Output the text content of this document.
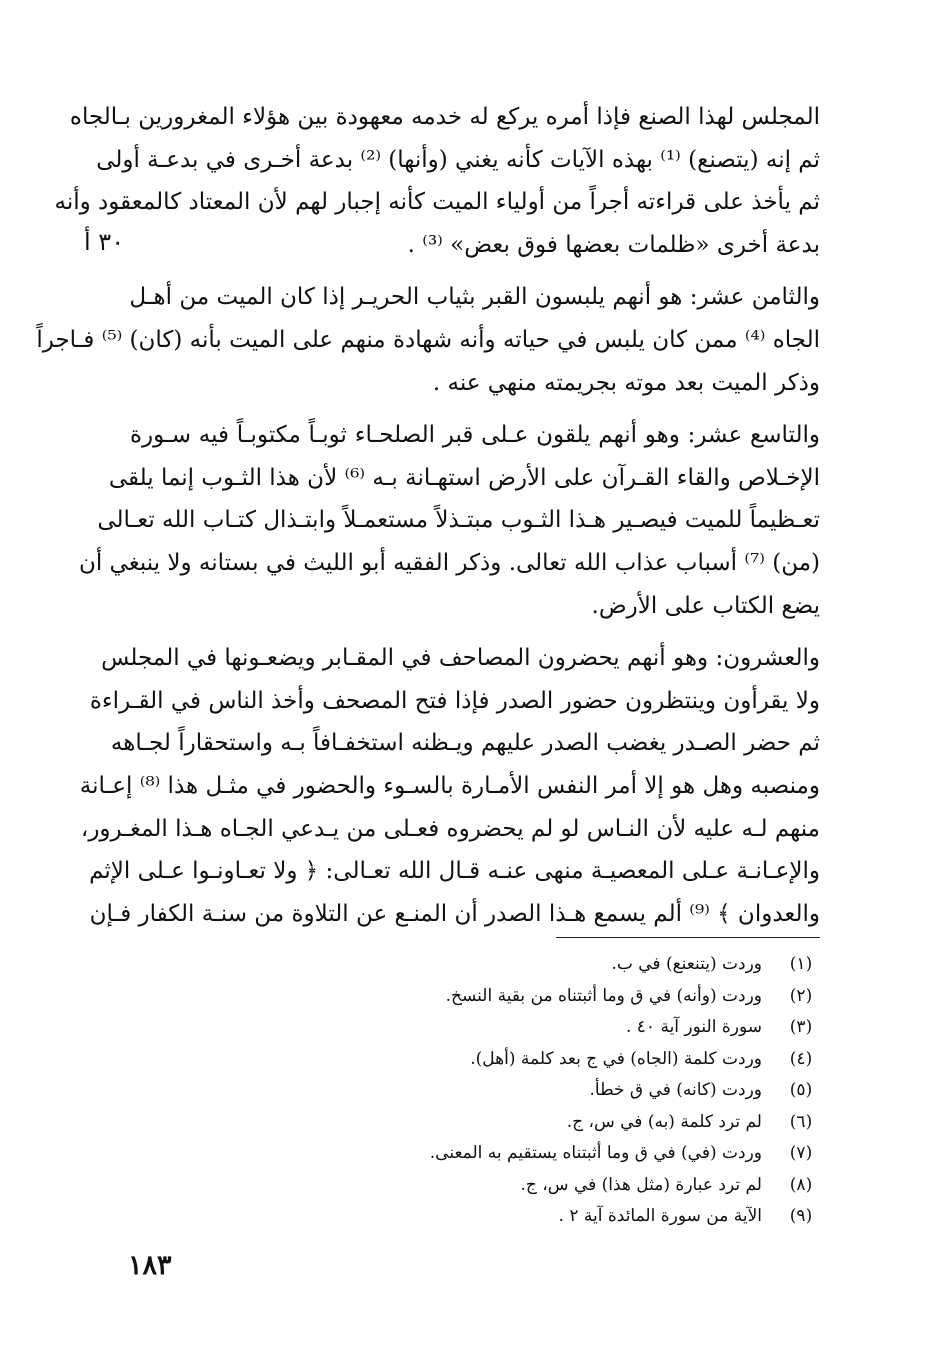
٣٠ أ
المجلس لهذا الصنع فإذا أمره يركع له خدمه معهودة بين هؤلاء المغرورين بـالجاه
ثم إنه (يتصنع) ⁽¹⁾ بهذه الآيات كأنه يغني (وأنها) ⁽²⁾ بدعة أخـرى في بدعـة أولى
ثم يأخذ على قراءته أجراً من أولياء الميت كأنه إجبار لهم لأن المعتاد كالمعقود وأنه
بدعة أخرى «ظلمات بعضها فوق بعض» ⁽³⁾ .
والثامن عشر: هو أنهم يلبسون القبر بثياب الحريـر إذا كان الميت من أهـل
الجاه ⁽⁴⁾ ممن كان يلبس في حياته وأنه شهادة منهم على الميت بأنه (كان) ⁽⁵⁾ فـاجراً
وذكر الميت بعد موته بجريمته منهي عنه .
والتاسع عشر: وهو أنهم يلقون عـلى قبر الصلحـاء ثوبـاً مكتوبـاً فيه سـورة
الإخـلاص والقاء القـرآن على الأرض استهـانة بـه ⁽⁶⁾ لأن هذا الثـوب إنما يلقى
تعـظيماً للميت فيصـير هـذا الثـوب مبتـذلاً مستعمـلاً وابتـذال كتـاب الله تعـالى
(من) ⁽⁷⁾ أسباب عذاب الله تعالى. وذكر الفقيه أبو الليث في بستانه ولا ينبغي أن
يضع الكتاب على الأرض.
والعشرون: وهو أنهم يحضرون المصاحف في المقـابر ويضعـونها في المجلس
ولا يقرأون وينتظرون حضور الصدر فإذا فتح المصحف وأخذ الناس في القـراءة
ثم حضر الصـدر يغضب الصدر عليهم ويـظنه استخفـافاً بـه واستحقاراً لجـاهه
ومنصبه وهل هو إلا أمر النفس الأمـارة بالسـوء والحضور في مثـل هذا ⁽⁸⁾ إعـانة
منهم لـه عليه لأن النـاس لو لم يحضروه فعـلى من يـدعي الجـاه هـذا المغـرور،
والإعـانـة عـلى المعصيـة منهى عنـه قـال الله تعـالى: ﴿ ولا تعـاونـوا عـلى الإثم
والعدوان ﴾ ⁽⁹⁾ ألم يسمع هـذا الصدر أن المنـع عن التلاوة من سنـة الكفار فـإن
(١)
وردت (يتنعنع) في ب.
(٢)
وردت (وأنه) في ق وما أثبتناه من بقية النسخ.
(٣)
سورة النور آية ٤٠ .
(٤)
وردت كلمة (الجاه) في ج بعد كلمة (أهل).
(٥)
وردت (كانه) في ق خطأ.
(٦)
لم ترد كلمة (به) في س، ج.
(٧)
وردت (في) في ق وما أثبتناه يستقيم به المعنى.
(٨)
لم ترد عبارة (مثل هذا) في س، ج.
(٩)
الآية من سورة المائدة آية ٢ .
١٨٣
